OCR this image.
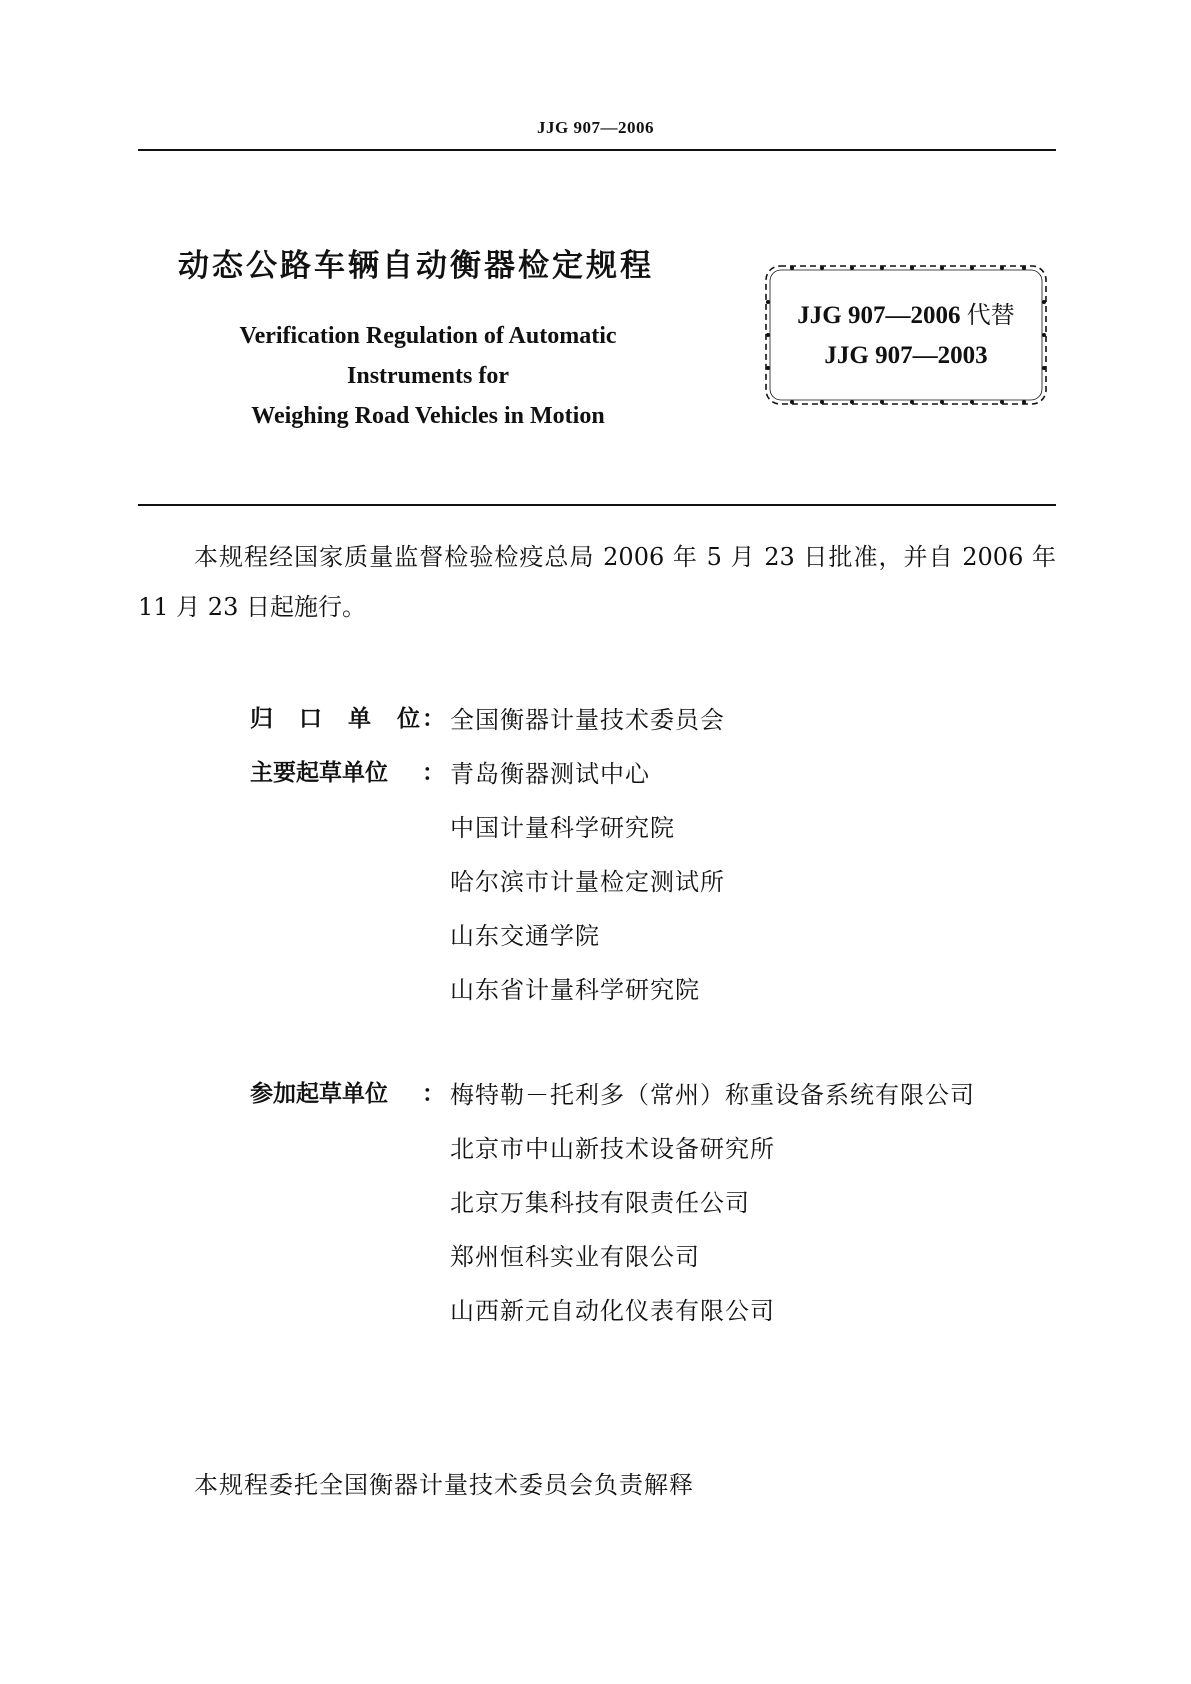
JJG 907—2006
动态公路车辆自动衡器检定规程
Verification Regulation of Automatic
Instruments for
Weighing Road Vehicles in Motion
JJG 907—2006 代替
JJG 907—2003
本规程经国家质量监督检验检疫总局 2006 年 5 月 23 日批准，并自 2006 年 11 月 23 日起施行。
归 口 单 位 ： 全国衡器计量技术委员会
主要起草单位	： 青岛衡器测试中心
中国计量科学研究院
哈尔滨市计量检定测试所
山东交通学院
山东省计量科学研究院
参加起草单位	： 梅特勒－托利多（常州）称重设备系统有限公司
北京市中山新技术设备研究所
北京万集科技有限责任公司
郑州恒科实业有限公司
山西新元自动化仪表有限公司
本规程委托全国衡器计量技术委员会负责解释
